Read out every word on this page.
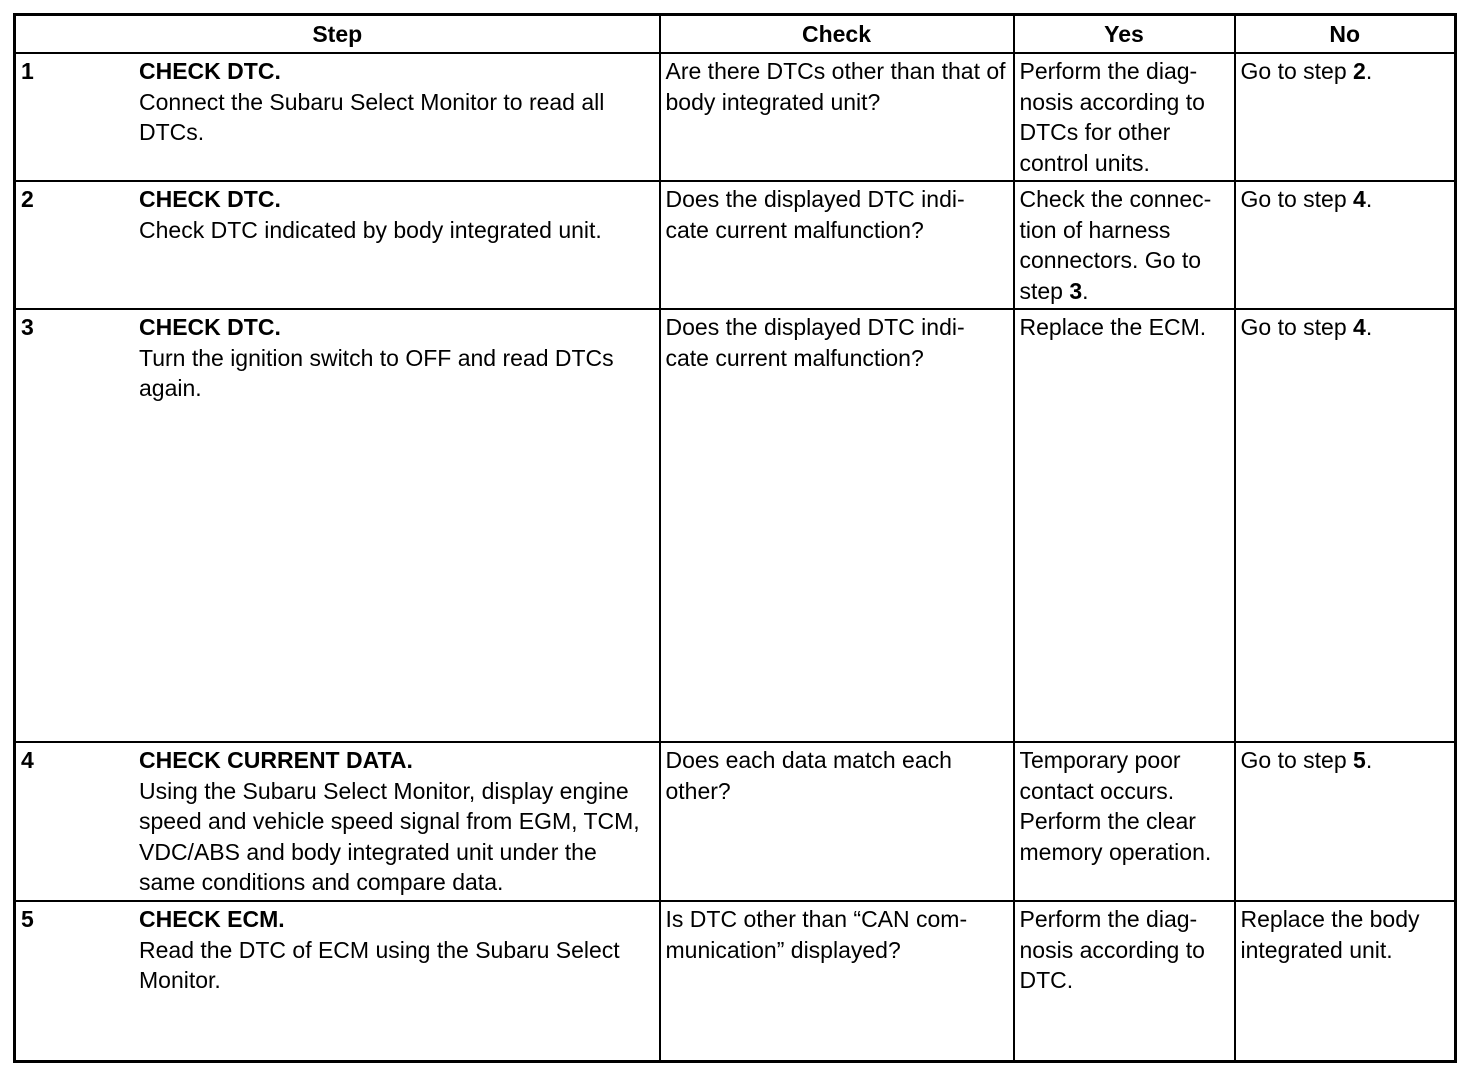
Step	Check	Yes	No
1 CHECK DTC.
Connect the Subaru Select Monitor to read all DTCs.	Are there DTCs other than that of body integrated unit?	Perform the diag-nosis according to DTCs for other control units.	Go to step 2.
2 CHECK DTC.
Check DTC indicated by body integrated unit.	Does the displayed DTC indi-cate current malfunction?	Check the connec-tion of harness connectors. Go to step 3.	Go to step 4.
3 CHECK DTC.
Turn the ignition switch to OFF and read DTCs again.	Does the displayed DTC indi-cate current malfunction?	Replace the ECM.	Go to step 4.
4 CHECK CURRENT DATA.
Using the Subaru Select Monitor, display engine speed and vehicle speed signal from EGM, TCM, VDC/ABS and body integrated unit under the same conditions and compare data.	Does each data match each other?	Temporary poor contact occurs. Perform the clear memory operation.	Go to step 5.
5 CHECK ECM.
Read the DTC of ECM using the Subaru Select Monitor.	Is DTC other than “CAN com-munication” displayed?	Perform the diag-nosis according to DTC.	Replace the body integrated unit.
